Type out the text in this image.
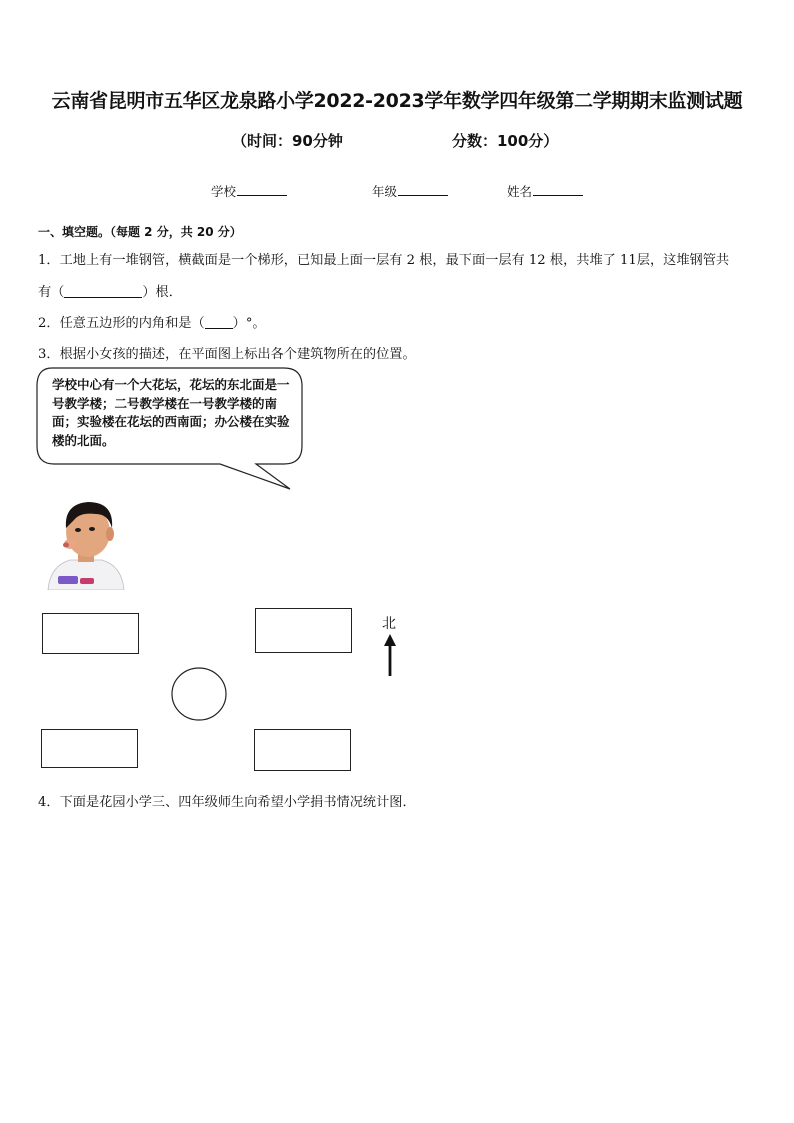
云南省昆明市五华区龙泉路小学2022-2023学年数学四年级第二学期期末监测试题
（时间：90分钟	分数：100分）
学校	年级	姓名
一、填空题。（每题 2 分，共 20 分）
1．工地上有一堆钢管，横截面是一个梯形，已知最上面一层有 2 根，最下面一层有 12 根，共堆了 11层，这堆钢管共
有（	）根．
2．任意五边形的内角和是（ ）°。
3．根据小女孩的描述，在平面图上标出各个建筑物所在的位置。
学校中心有一个大花坛，花坛的东北面是一号教学楼；二号教学楼在一号教学楼的南面；实验楼在花坛的西南面；办公楼在实验楼的北面。
北
4．下面是花园小学三、四年级师生向希望小学捐书情况统计图．
